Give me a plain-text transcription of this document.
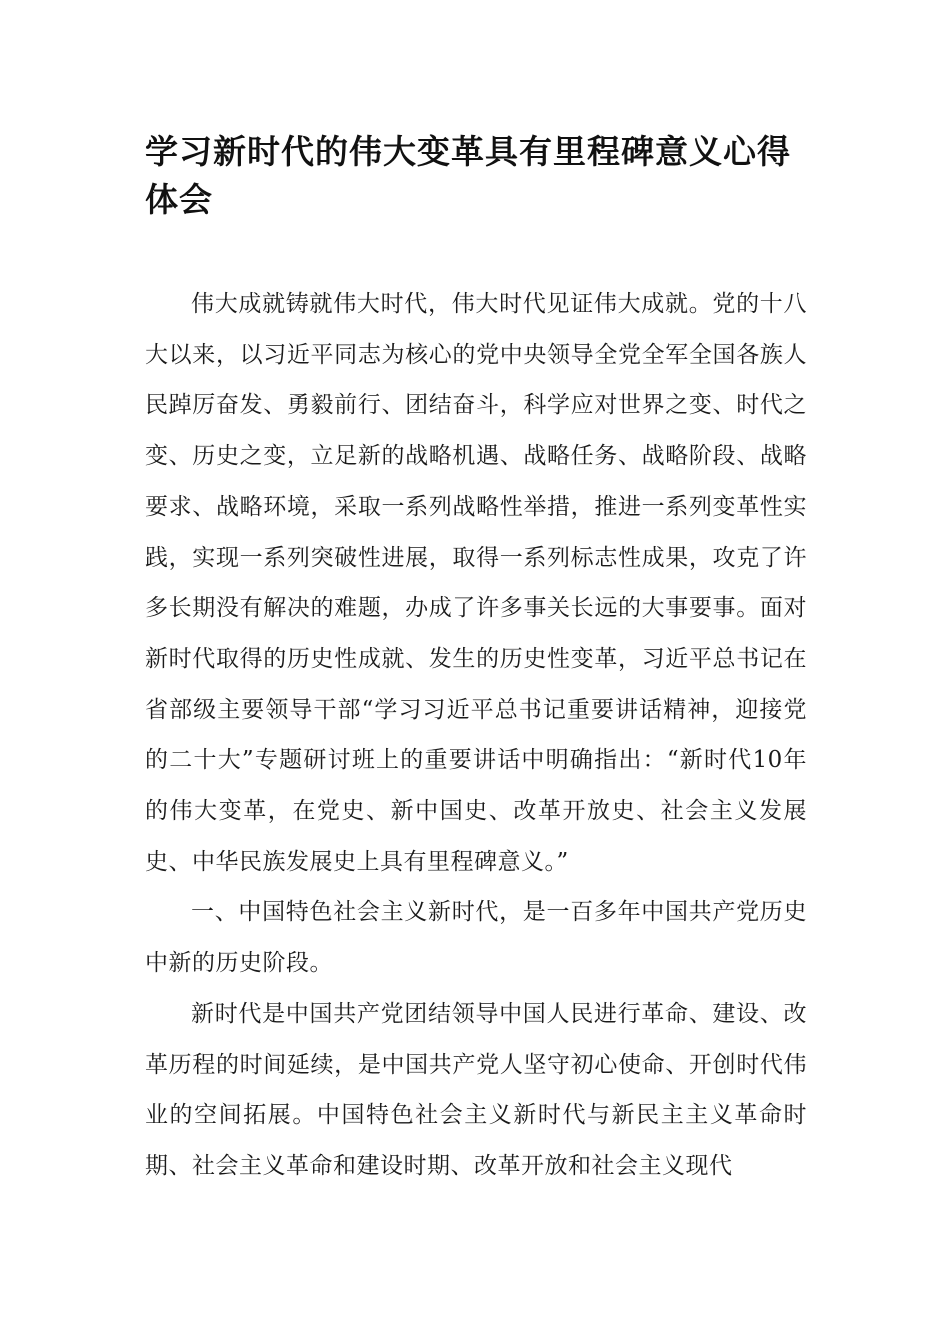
学习新时代的伟大变革具有里程碑意义心得体会

伟大成就铸就伟大时代，伟大时代见证伟大成就。党的十八大以来，以习近平同志为核心的党中央领导全党全军全国各族人民踔厉奋发、勇毅前行、团结奋斗，科学应对世界之变、时代之变、历史之变，立足新的战略机遇、战略任务、战略阶段、战略要求、战略环境，采取一系列战略性举措，推进一系列变革性实践，实现一系列突破性进展，取得一系列标志性成果，攻克了许多长期没有解决的难题，办成了许多事关长远的大事要事。面对新时代取得的历史性成就、发生的历史性变革，习近平总书记在省部级主要领导干部“学习习近平总书记重要讲话精神，迎接党的二十大”专题研讨班上的重要讲话中明确指出：“新时代10年的伟大变革，在党史、新中国史、改革开放史、社会主义发展史、中华民族发展史上具有里程碑意义。”

一、中国特色社会主义新时代，是一百多年中国共产党历史中新的历史阶段。

新时代是中国共产党团结领导中国人民进行革命、建设、改革历程的时间延续，是中国共产党人坚守初心使命、开创时代伟业的空间拓展。中国特色社会主义新时代与新民主主义革命时期、社会主义革命和建设时期、改革开放和社会主义现代
